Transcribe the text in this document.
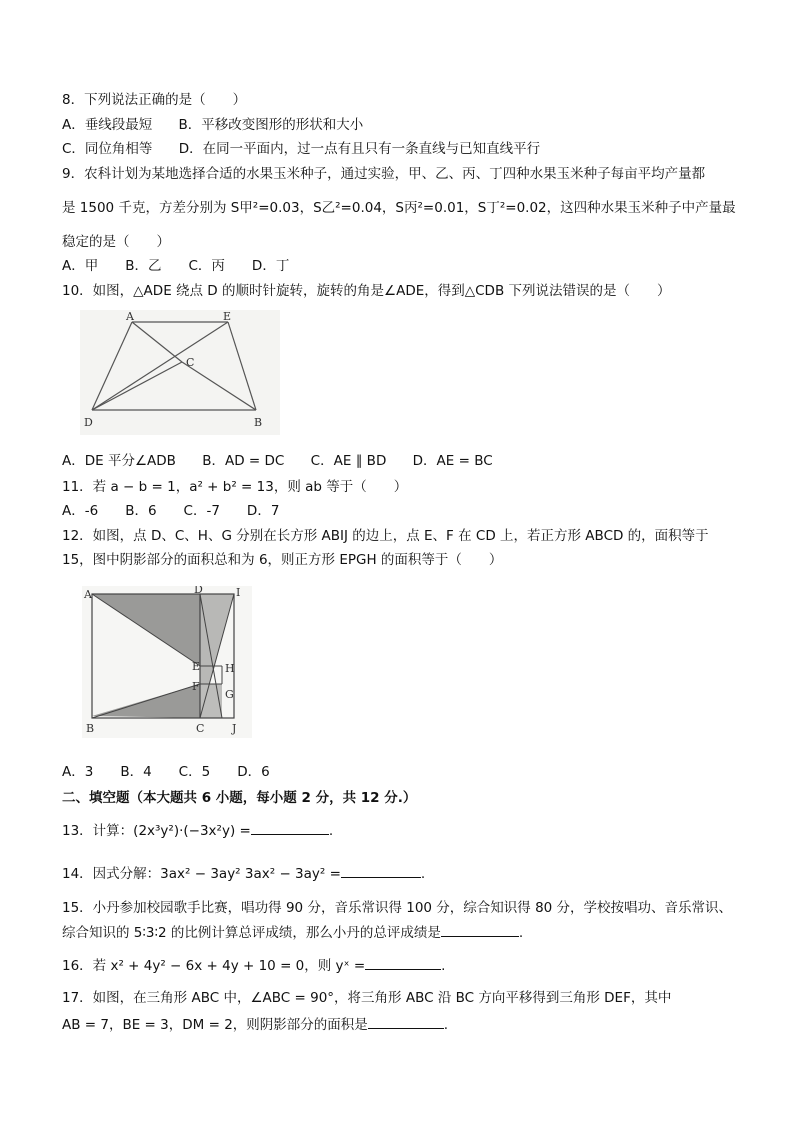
8．下列说法正确的是（　　）
A．垂线段最短 B．平移改变图形的形状和大小
C．同位角相等 D．在同一平面内，过一点有且只有一条直线与已知直线平行
9．农科计划为某地选择合适的水果玉米种子，通过实验，甲、乙、丙、丁四种水果玉米种子每亩平均产量都
是 1500 千克，方差分别为 S甲²=0.03，S乙²=0.04，S丙²=0.01，S丁²=0.02，这四种水果玉米种子中产量最
稳定的是（　　）
A．甲　　B．乙　　C．丙　　D．丁
10．如图，△ADE 绕点 D 的顺时针旋转，旋转的角是∠ADE，得到△CDB 下列说法错误的是（　　）
A	E
C
D	B
A．DE 平分∠ADB B．AD = DC C．AE ∥ BD D．AE = BC
11．若 a − b = 1，a² + b² = 13，则 ab 等于（　　）
A．-6　　B．6　　C．-7　　D．7
12．如图，点 D、C、H、G 分别在长方形 ABIJ 的边上，点 E、F 在 CD 上，若正方形 ABCD 的，面积等于
15，图中阴影部分的面积总和为 6，则正方形 EPGH 的面积等于（　　）
A	D	I
E H
F
G
B	C	J
A．3　　B．4　　C．5　　D．6
二、填空题（本大题共 6 小题，每小题 2 分，共 12 分.）
13．计算：(2x³y²)·(−3x²y) =	.
14．因式分解：3ax² − 3ay² 3ax² − 3ay² =	.
15．小丹参加校园歌手比赛，唱功得 90 分，音乐常识得 100 分，综合知识得 80 分，学校按唱功、音乐常识、
综合知识的 5∶3∶2 的比例计算总评成绩，那么小丹的总评成绩是	.
16．若 x² + 4y² − 6x + 4y + 10 = 0，则 yˣ =	.
17．如图，在三角形 ABC 中，∠ABC = 90°，将三角形 ABC 沿 BC 方向平移得到三角形 DEF，其中
AB = 7，BE = 3，DM = 2，则阴影部分的面积是	.
